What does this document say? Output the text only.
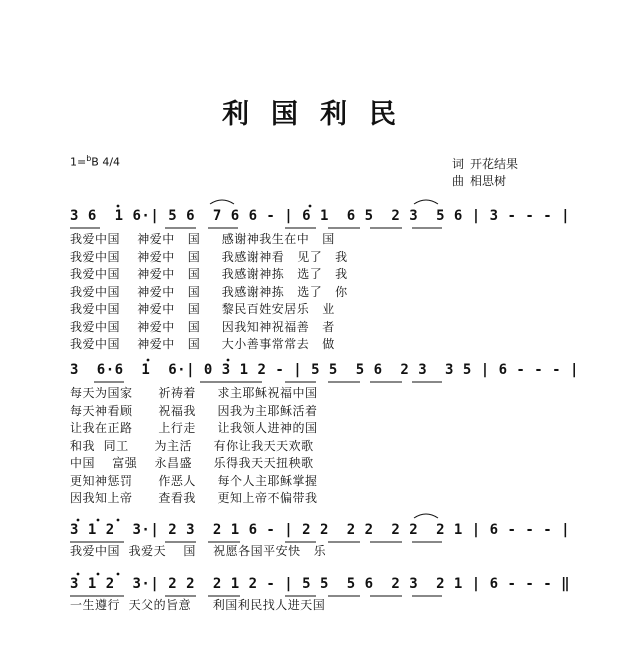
利国利民
1=$^b$B 4/4	词 开花结果
曲 相思树
3 6  1 6·| 5 6  7 6 6 - | 6 1  6 5  2 3  5 6 | 3 - - - |
我爱中国    神爱中   国     感谢神我生在中   国
我爱中国    神爱中   国     我感谢神看   见了   我
我爱中国    神爱中   国     我感谢神拣   选了   我
我爱中国    神爱中   国     我感谢神拣   选了   你
我爱中国    神爱中   国     黎民百姓安居乐   业
我爱中国    神爱中   国     因我知神祝福善   者
我爱中国    神爱中   国     大小善事常常去   做
3  6·6  1  6·| 0 3 1 2 - | 5 5  5 6  2 3  3 5 | 6 - - - |
每天为国家      祈祷着     求主耶稣祝福中国
每天神看顾      祝福我     因我为主耶稣活着
让我在正路      上行走     让我领人进神的国
和我  同工      为主活     有你让我天天欢歌
中国    富强    永昌盛     乐得我天天扭秧歌
更知神惩罚      作恶人     每个人主耶稣掌握
因我知上帝      查看我     更知上帝不偏带我
3 1 2  3·| 2 3  2 1 6 - | 2 2  2 2  2 2  2 1 | 6 - - - |
我爱中国  我爱天    国    祝愿各国平安快   乐
3 1 2  3·| 2 2  2 1 2 - | 5 5  5 6  2 3  2 1 | 6 - - - ‖
一生遵行  天父的旨意     利国利民找人进天国
